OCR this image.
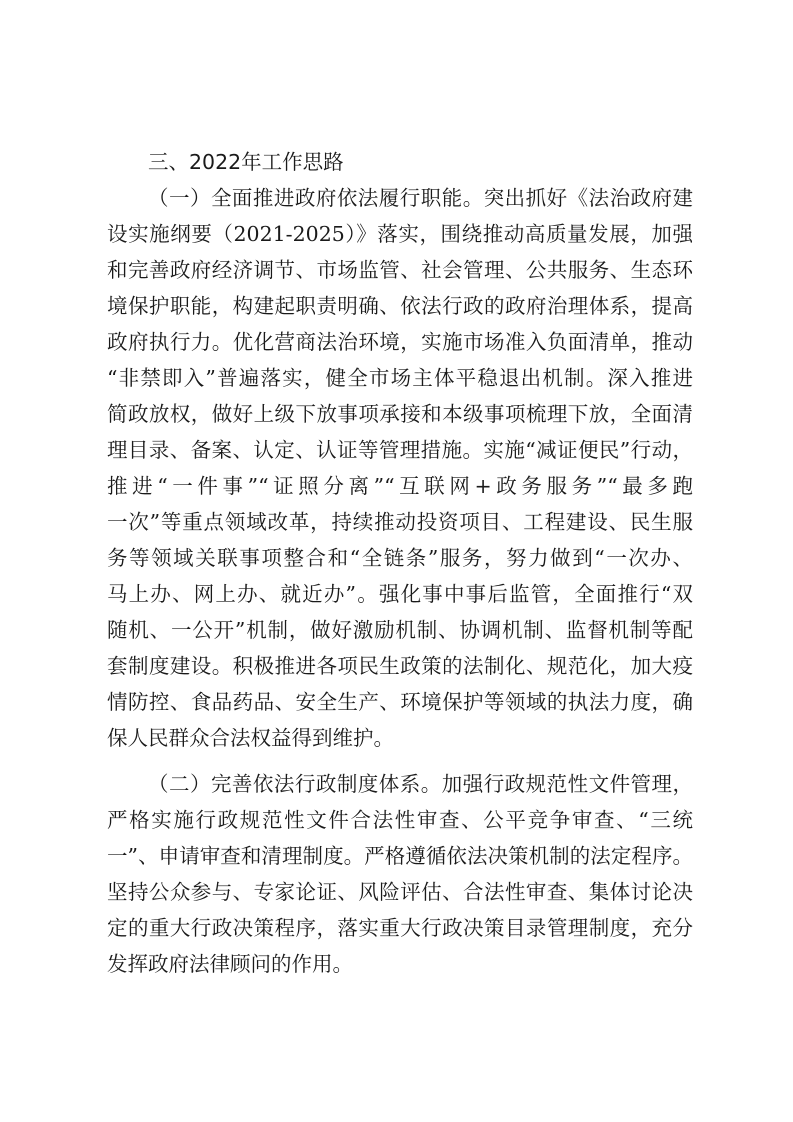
三、2022年工作思路
（一）全面推进政府依法履行职能。突出抓好《法治政府建
设实施纲要（2021-2025）》落实，围绕推动高质量发展，加强
和完善政府经济调节、市场监管、社会管理、公共服务、生态环
境保护职能，构建起职责明确、依法行政的政府治理体系，提高
政府执行力。优化营商法治环境，实施市场准入负面清单，推动
“非禁即入”普遍落实，健全市场主体平稳退出机制。深入推进
简政放权，做好上级下放事项承接和本级事项梳理下放，全面清
理目录、备案、认定、认证等管理措施。实施“减证便民”行动，
推进“一件事”“证照分离”“互联网+政务服务”“最多跑
一次”等重点领域改革，持续推动投资项目、工程建设、民生服
务等领域关联事项整合和“全链条”服务，努力做到“一次办、
马上办、网上办、就近办”。强化事中事后监管，全面推行“双
随机、一公开”机制，做好激励机制、协调机制、监督机制等配
套制度建设。积极推进各项民生政策的法制化、规范化，加大疫
情防控、食品药品、安全生产、环境保护等领域的执法力度，确
保人民群众合法权益得到维护。
（二）完善依法行政制度体系。加强行政规范性文件管理，
严格实施行政规范性文件合法性审查、公平竞争审查、“三统
一”、申请审查和清理制度。严格遵循依法决策机制的法定程序。
坚持公众参与、专家论证、风险评估、合法性审查、集体讨论决
定的重大行政决策程序，落实重大行政决策目录管理制度，充分
发挥政府法律顾问的作用。
